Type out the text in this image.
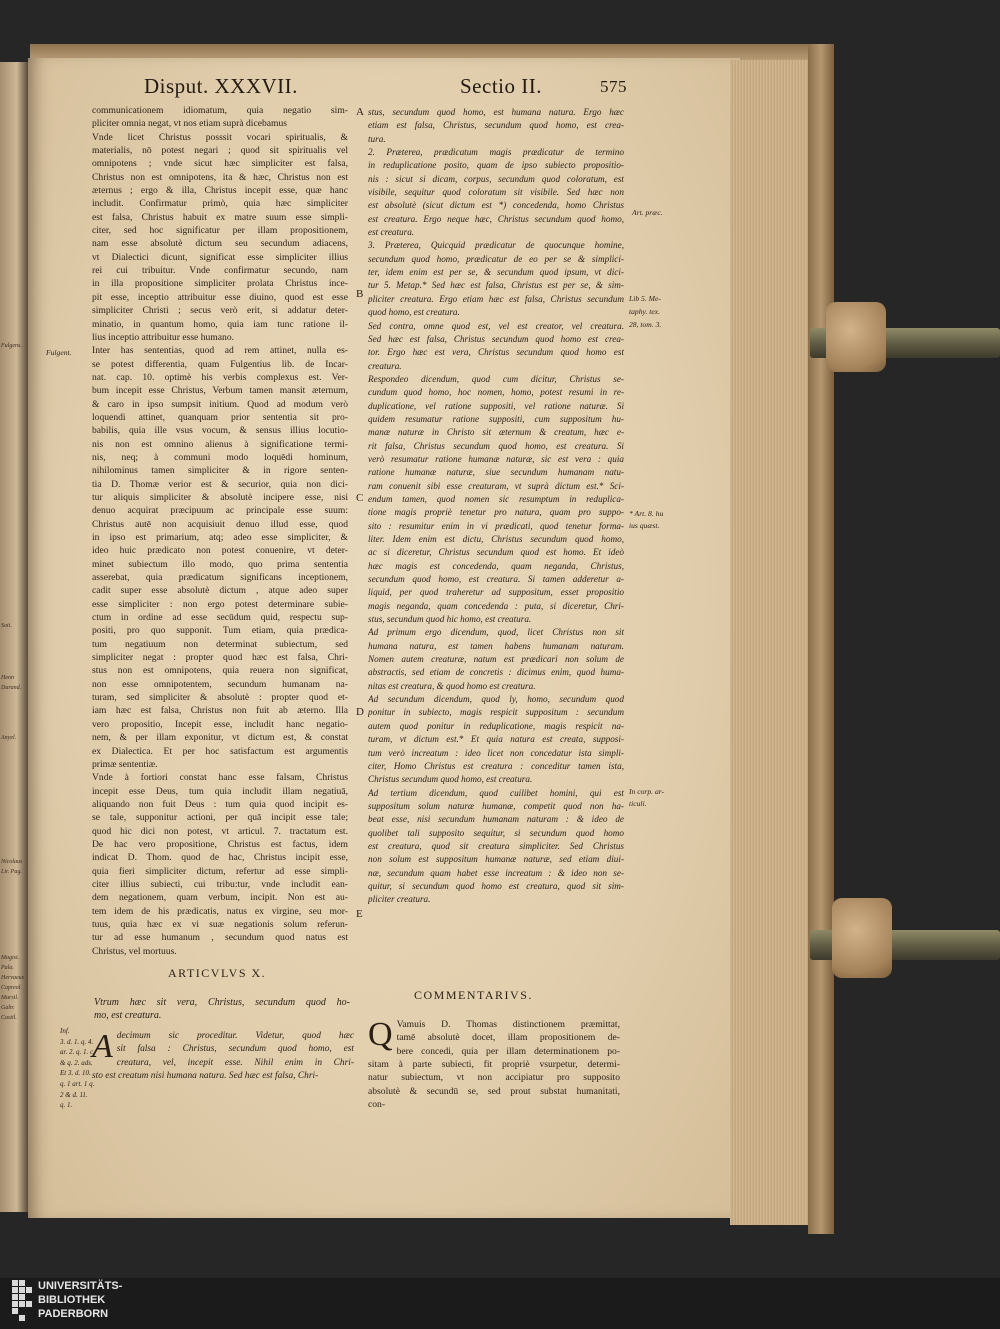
Fulgens.
Soti.
Henn
Durand.
Anyel.
Nicolaus
Lir. Pag.
Magist.
Pala.
Hervaeus
Capreol.
Marsil.
Gabr.
Castil.
Disput. XXXVII.	Sectio II.	575
communicationem idiomatum, quia negatio sim-
pliciter omnia negat, vt nos etiam suprà dicebamus
Vnde licet Christus posssit vocari spiritualis, &
materialis, nō potest negari ; quod sit spiritualis vel
omnipotens ; vnde sicut hæc simpliciter est falsa,
Christus non est omnipotens, ita & hæc, Christus non est
æternus ; ergo & illa, Christus incepit esse, quæ hanc
includit. Confirmatur primò, quia hæc simpliciter
est falsa, Christus habuit ex matre suum esse simpli-
citer, sed hoc significatur per illam propositionem,
nam esse absolutè dictum seu secundum adiacens,
vt Dialectici dicunt, significat esse simpliciter illius
rei cui tribuitur. Vnde confirmatur secundo, nam
in illa propositione simpliciter prolata Christus ince-
pit esse, inceptio attribuitur esse diuino, quod est esse
simpliciter Christi ; secus verò erit, si addatur deter-
minatio, in quantum homo, quia iam tunc ratione il-
lius inceptio attribuitur esse humano.
Inter has sententias, quod ad rem attinet, nulla es-
se potest differentia, quam Fulgentius lib. de Incar-
nat. cap. 10. optimè his verbis complexus est. Ver-
bum incepit esse Christus, Verbum tamen mansit æternum,
& caro in ipso sumpsit initium. Quod ad modum verò
loquendi attinet, quanquam prior sententia sit pro-
babilis, quia ille vsus vocum, & sensus illius locutio-
nis non est omnino alienus à significatione termi-
nis, neq; à communi modo loquēdi hominum,
nihilominus tamen simpliciter & in rigore senten-
tia D. Thomæ verior est & securior, quia non dici-
tur aliquis simpliciter & absolutè incipere esse, nisi
denuo acquirat præcipuum ac principale esse suum:
Christus autē non acquisiuit denuo illud esse, quod
in ipso est primarium, atq; adeo esse simpliciter, &
ideo huic prædicato non potest conuenire, vt deter-
minet subiectum illo modo, quo prima sententia
asserebat, quia prædicatum significans inceptionem,
cadit super esse absolutè dictum , atque adeo super
esse simpliciter : non ergo potest determinare subie-
ctum in ordine ad esse secūdum quid, respectu sup-
positi, pro quo supponit. Tum etiam, quia prædica-
tum negatiuum non determinat subiectum, sed
simpliciter negat : propter quod hæc est falsa, Chri-
stus non est omnipotens, quia reuera non significat,
non esse omnipotentem, secundum humanam na-
turam, sed simpliciter & absolutè : propter quod et-
iam hæc est falsa, Christus non fuit ab æterno. Illa
vero propositio, Incepit esse, includit hanc negatio-
nem, & per illam exponitur, vt dictum est, & constat
ex Dialectica. Et per hoc satisfactum est argumentis
primæ sententiæ.
Vnde à fortiori constat hanc esse falsam, Christus
incepit esse Deus, tum quia includit illam negatiuā,
aliquando non fuit Deus : tum quia quod incipit es-
se tale, supponitur actioni, per quā incipit esse tale;
quod hic dici non potest, vt articul. 7. tractatum est.
De hac vero propositione, Christus est factus, idem
indicat D. Thom. quod de hac, Christus incipit esse,
quia fieri simpliciter dictum, refertur ad esse simpli-
citer illius subiecti, cui tribu:tur, vnde includit ean-
dem negationem, quam verbum, incipit. Non est au-
tem idem de his prædicatis, natus ex virgine, seu mor-
tuus, quia hæc ex vi suæ negationis solum referun-
tur ad esse humanum , secundum quod natus est
Christus, vel mortuus.
Fulgent.
ARTICVLVS X.
Vtrum hæc sit vera, Christus, secundum quod ho-
mo, est creatura.
A decimum sic proceditur. Videtur, quod hæc
sit falsa : Christus, secundum quod homo, est
creatura, vel, incepit esse. Nihil enim in Chri-
sto est creatum nisi humana natura. Sed hæc est falsa, Chri-
Inf.
3. d. 1. q. 4.
ar. 2. q. 1. c.
& q. 2. ads.
Et 3. d. 10.
q. 1 art. 1 q.
2 & d. 11.
q. 1.
stus, secundum quod homo, est humana natura. Ergo hæc
etiam est falsa, Christus, secundum quod homo, est crea-
tura.
2. Præterea, prædicatum magis prædicatur de termino
in reduplicatione posito, quam de ipso subiecto propositio-
nis : sicut si dicam, corpus, secundum quod coloratum, est
visibile, sequitur quod coloratum sit visibile. Sed hæc non
est absolutè (sicut dictum est *) concedenda, homo Christus
est creatura. Ergo neque hæc, Christus secundum quod homo,
est creatura.
3. Præterea, Quicquid prædicatur de quocunque homine,
secundum quod homo, prædicatur de eo per se & simplici-
ter, idem enim est per se, & secundum quod ipsum, vt dici-
tur 5. Metap.* Sed hæc est falsa, Christus est per se, & sim-
pliciter creatura. Ergo etiam hæc est falsa, Christus secundum
quod homo, est creatura.
Sed contra, omne quod est, vel est creator, vel creatura.
Sed hæc est falsa, Christus secundum quod homo est crea-
tor. Ergo hæc est vera, Christus secundum quod homo est
creatura.
Respondeo dicendum, quod cum dicitur, Christus se-
cundum quod homo, hoc nomen, homo, potest resumi in re-
duplicatione, vel ratione suppositi, vel ratione naturæ. Si
quidem resumatur ratione suppositi, cum suppositum hu-
manæ naturæ in Christo sit æternum & creatum, hæc e-
rit falsa, Christus secundum quod homo, est creatura. Si
verò resumatur ratione humanæ naturæ, sic est vera : quia
ratione humanæ naturæ, siue secundum humanam natu-
ram conuenit sibi esse creaturam, vt suprà dictum est.* Sci-
endum tamen, quod nomen sic resumptum in reduplica-
tione magis propriè tenetur pro natura, quam pro suppo-
sito : resumitur enim in vi prædicati, quod tenetur forma-
liter. Idem enim est dictu, Christus secundum quod homo,
ac si diceretur, Christus secundum quod est homo. Et ideò
hæc magis est concedenda, quam neganda, Christus,
secundum quod homo, est creatura. Si tamen adderetur a-
liquid, per quod traheretur ad suppositum, esset propositio
magis neganda, quam concedenda : puta, si diceretur, Chri-
stus, secundum quod hic homo, est creatura.
Ad primum ergo dicendum, quod, licet Christus non sit
humana natura, est tamen habens humanam naturam.
Nomen autem creaturæ, natum est prædicari non solum de
abstractis, sed etiam de concretis : dicimus enim, quod huma-
nitas est creatura, & quod homo est creatura.
Ad secundum dicendum, quod ly, homo, secundum quod
ponitur in subiecto, magis respicit suppositum : secundum
autem quod ponitur in reduplicatione, magis respicit na-
turam, vt dictum est.* Et quia natura est creata, supposi-
tum verò increatum : ideo licet non concedatur ista simpli-
citer, Homo Christus est creatura : conceditur tamen ista,
Christus secundum quod homo, est creatura.
Ad tertium dicendum, quod cuilibet homini, qui est
suppositum solum naturæ humanæ, competit quod non ha-
beat esse, nisi secundum humanam naturam : & ideo de
quolibet tali supposito sequitur, si secundum quod homo
est creatura, quod sit creatura simpliciter. Sed Christus
non solum est suppositum humanæ naturæ, sed etiam diui-
næ, secundum quam habet esse increatum : & ideo non se-
quitur, si secundum quod homo est creatura, quod sit sim-
pliciter creatura.
A
B
C
D
E
Art. præc.
Lib 5. Me-
taphy. tex.
28, tom. 3.
* Art. 8. hu
ius quæst.
In corp. ar-
ticuli.
COMMENTARIVS.
Q Vamuis D. Thomas distinctionem præmittat,
tamē absolutè docet, illam propositionem de-
bere concedi, quia per illam determinationem po-
sitam à parte subiecti, fit propriè vsurpetur, determi-
natur subiectum, vt non accipiatur pro supposito
absolutè & secundū se, sed prout substat humanitati,
con-
UNIVERSITÄTS-
BIBLIOTHEK
PADERBORN
